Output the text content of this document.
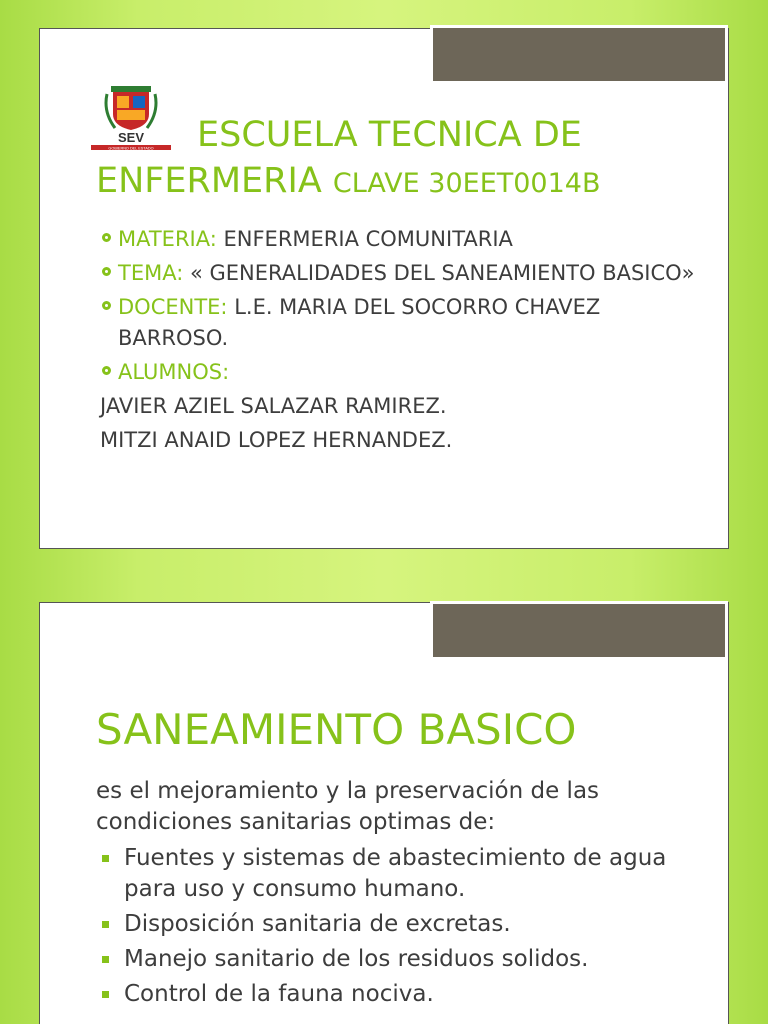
SEV
GOBIERNO DEL ESTADO	ESCUELA TECNICA DE
ENFERMERIA CLAVE 30EET0014B
MATERIA: ENFERMERIA COMUNITARIA
TEMA: « GENERALIDADES DEL SANEAMIENTO BASICO»
DOCENTE: L.E. MARIA DEL SOCORRO CHAVEZ BARROSO.
ALUMNOS:
JAVIER AZIEL SALAZAR RAMIREZ.
MITZI ANAID LOPEZ HERNANDEZ.
SANEAMIENTO BASICO
es el mejoramiento y la preservación de las condiciones sanitarias optimas de:
Fuentes y sistemas de abastecimiento de agua para uso y consumo humano.
Disposición sanitaria de excretas.
Manejo sanitario de los residuos solidos.
Control de la fauna nociva.
